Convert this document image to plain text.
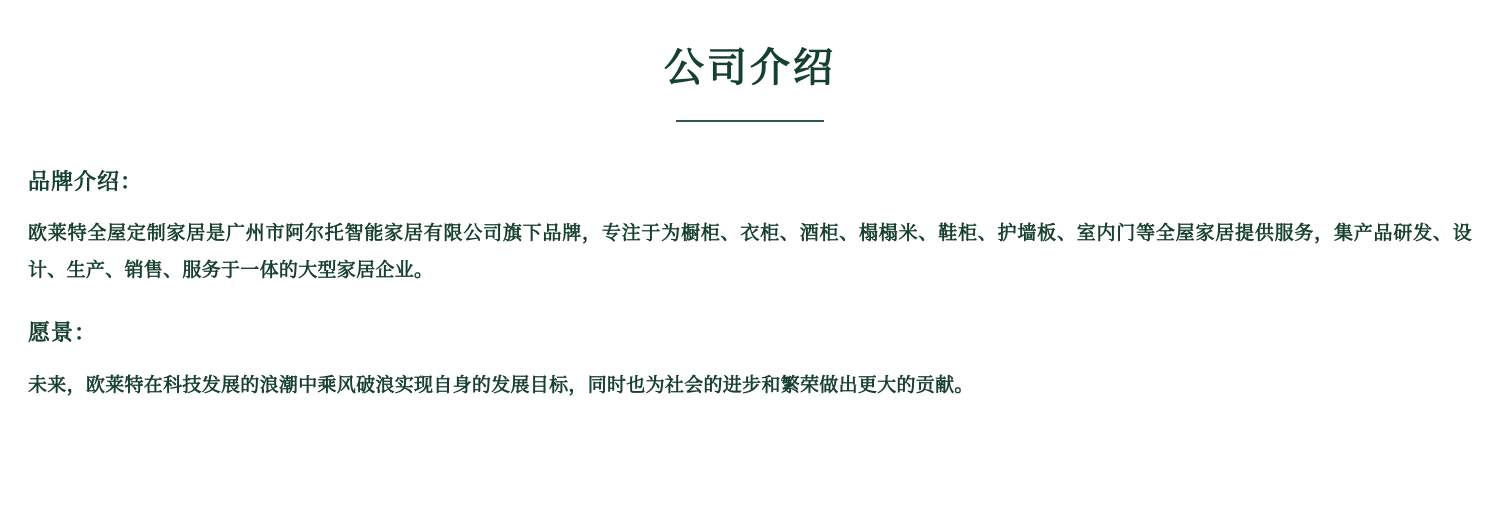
公司介绍
品牌介绍：

欧莱特全屋定制家居是广州市阿尔托智能家居有限公司旗下品牌，专注于为橱柜、衣柜、酒柜、榻榻米、鞋柜、护墙板、室内门等全屋家居提供服务，集产品研发、设计、生产、销售、服务于一体的大型家居企业。

愿景：

未来，欧莱特在科技发展的浪潮中乘风破浪实现自身的发展目标，同时也为社会的进步和繁荣做出更大的贡献。
